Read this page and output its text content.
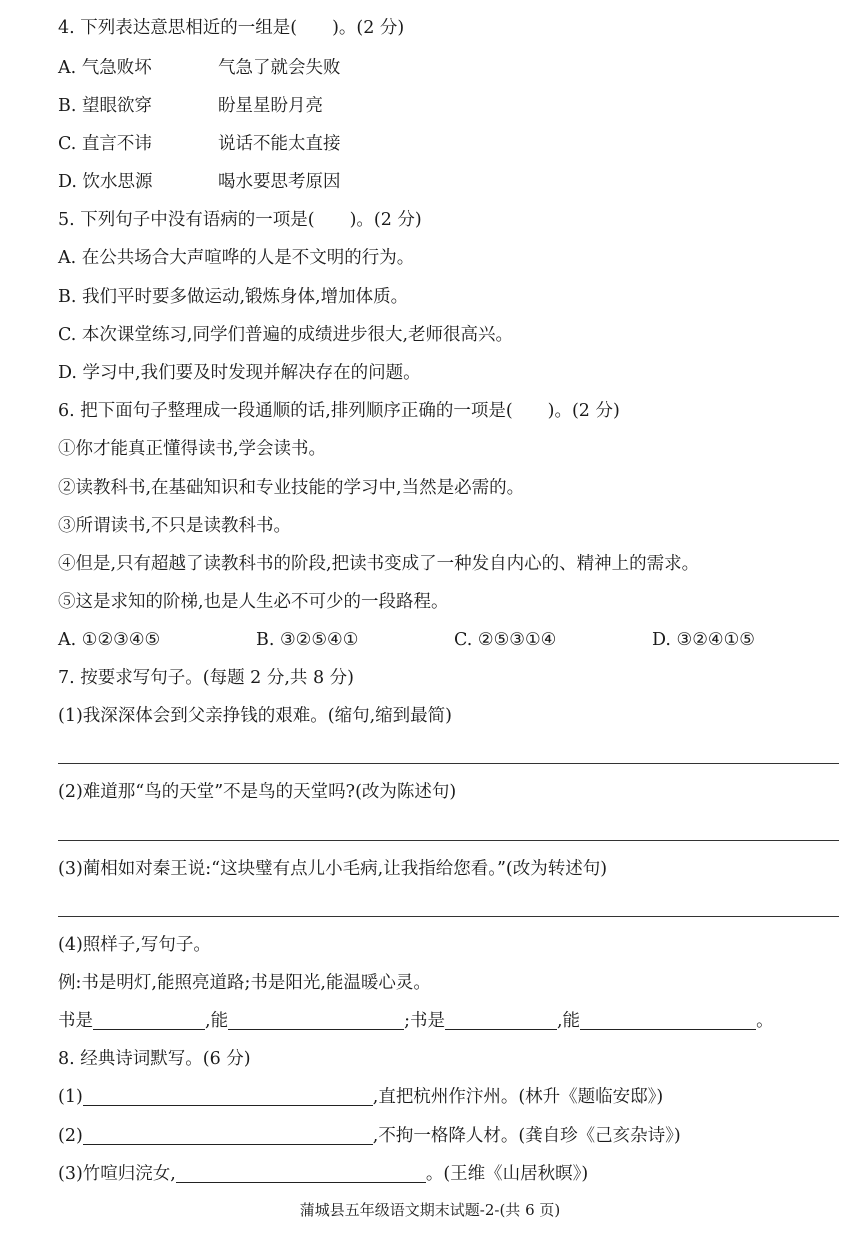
4. 下列表达意思相近的一组是(　　)。(2 分)
A. 气急败坏	气急了就会失败
B. 望眼欲穿	盼星星盼月亮
C. 直言不讳	说话不能太直接
D. 饮水思源	喝水要思考原因
5. 下列句子中没有语病的一项是(　　)。(2 分)
A. 在公共场合大声喧哗的人是不文明的行为。
B. 我们平时要多做运动,锻炼身体,增加体质。
C. 本次课堂练习,同学们普遍的成绩进步很大,老师很高兴。
D. 学习中,我们要及时发现并解决存在的问题。
6. 把下面句子整理成一段通顺的话,排列顺序正确的一项是(　　)。(2 分)
①你才能真正懂得读书,学会读书。
②读教科书,在基础知识和专业技能的学习中,当然是必需的。
③所谓读书,不只是读教科书。
④但是,只有超越了读教科书的阶段,把读书变成了一种发自内心的、精神上的需求。
⑤这是求知的阶梯,也是人生必不可少的一段路程。
A. ①②③④⑤	B. ③②⑤④①	C. ②⑤③①④	D. ③②④①⑤
7. 按要求写句子。(每题 2 分,共 8 分)
(1)我深深体会到父亲挣钱的艰难。(缩句,缩到最简)
(2)难道那“鸟的天堂”不是鸟的天堂吗?(改为陈述句)
(3)蔺相如对秦王说:“这块璧有点儿小毛病,让我指给您看。”(改为转述句)
(4)照样子,写句子。
例:书是明灯,能照亮道路;书是阳光,能温暖心灵。
书是	,能	;书是	,能	。
8. 经典诗词默写。(6 分)
(1)	,直把杭州作汴州。(林升《题临安邸》)
(2)	,不拘一格降人材。(龚自珍《己亥杂诗》)
(3)竹喧归浣女,	。(王维《山居秋暝》)
蒲城县五年级语文期末试题-2-(共 6 页)
